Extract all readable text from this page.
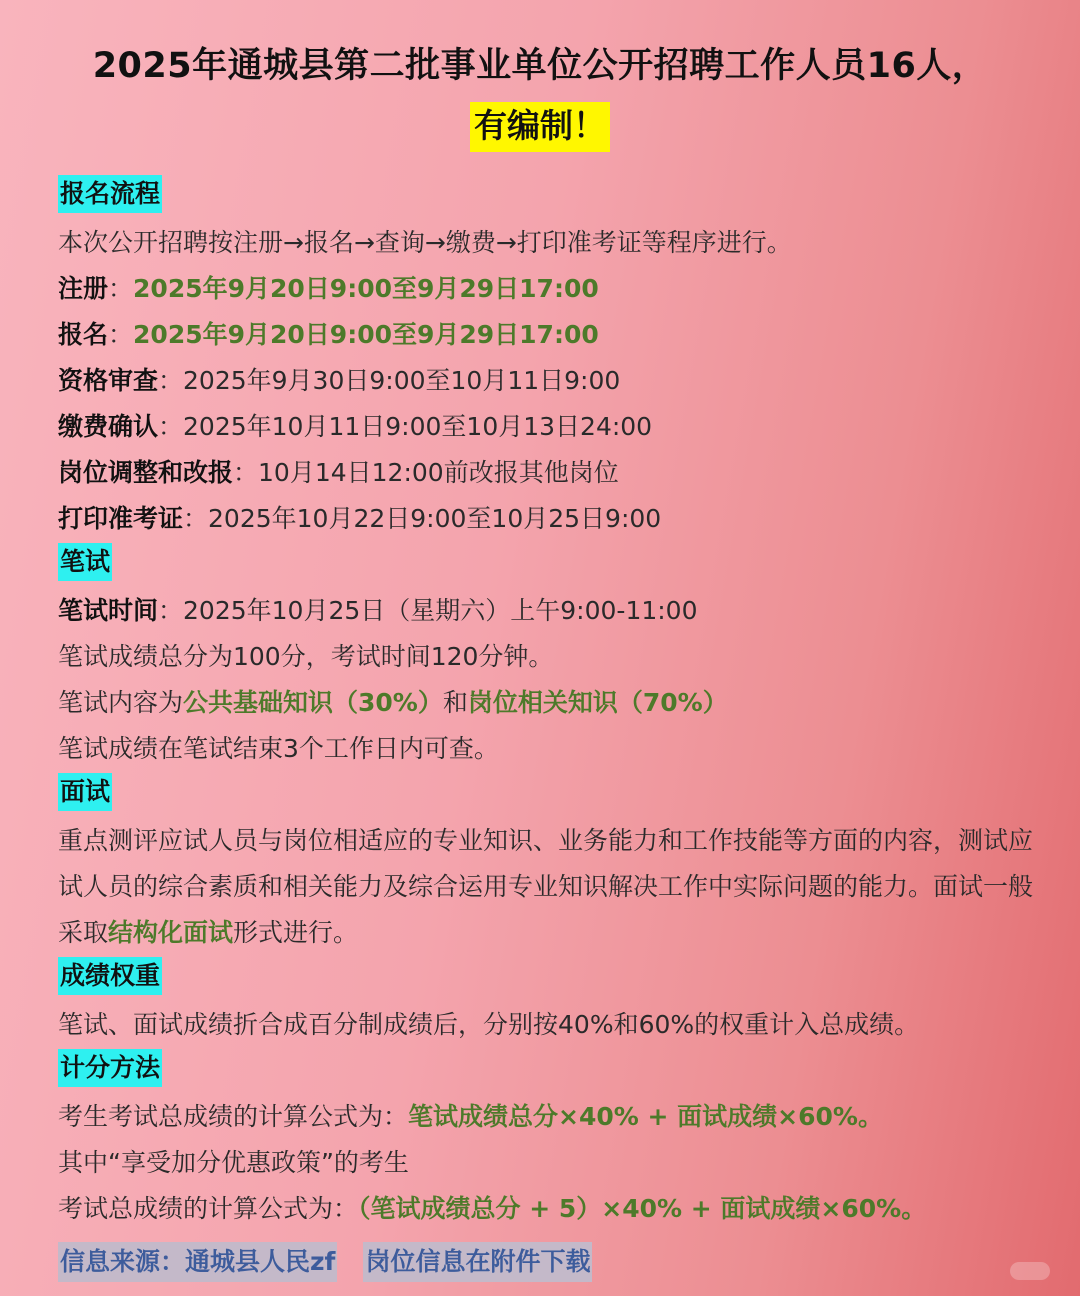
2025年通城县第二批事业单位公开招聘工作人员16人，
有编制！
报名流程
本次公开招聘按注册→报名→查询→缴费→打印准考证等程序进行。
注册：2025年9月20日9:00至9月29日17:00
报名：2025年9月20日9:00至9月29日17:00
资格审查：2025年9月30日9:00至10月11日9:00
缴费确认：2025年10月11日9:00至10月13日24:00
岗位调整和改报：10月14日12:00前改报其他岗位
打印准考证：2025年10月22日9:00至10月25日9:00
笔试
笔试时间：2025年10月25日（星期六）上午9:00-11:00
笔试成绩总分为100分，考试时间120分钟。
笔试内容为公共基础知识（30%）和岗位相关知识（70%）
笔试成绩在笔试结束3个工作日内可查。
面试
重点测评应试人员与岗位相适应的专业知识、业务能力和工作技能等方面的内容，测试应试人员的综合素质和相关能力及综合运用专业知识解决工作中实际问题的能力。面试一般采取结构化面试形式进行。
成绩权重
笔试、面试成绩折合成百分制成绩后，分别按40%和60%的权重计入总成绩。
计分方法
考生考试总成绩的计算公式为：笔试成绩总分×40% + 面试成绩×60%。
其中“享受加分优惠政策”的考生
考试总成绩的计算公式为：（笔试成绩总分 + 5）×40% + 面试成绩×60%。
信息来源：通城县人民zf 岗位信息在附件下载
